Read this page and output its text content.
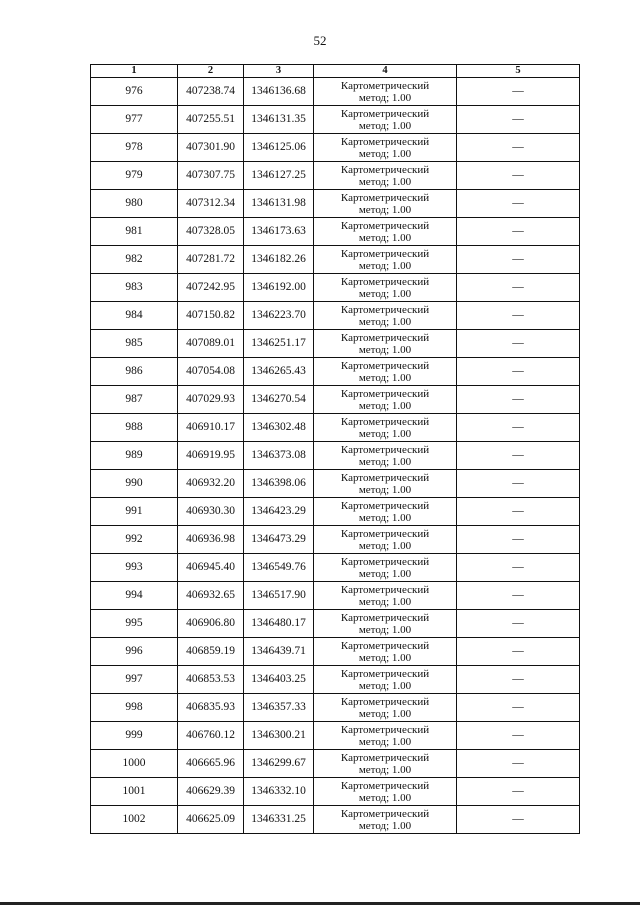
52
1	2	3	4	5
976	407238.74	1346136.68	Картометрический
метод; 1.00	—
977	407255.51	1346131.35	Картометрический
метод; 1.00	—
978	407301.90	1346125.06	Картометрический
метод; 1.00	—
979	407307.75	1346127.25	Картометрический
метод; 1.00	—
980	407312.34	1346131.98	Картометрический
метод; 1.00	—
981	407328.05	1346173.63	Картометрический
метод; 1.00	—
982	407281.72	1346182.26	Картометрический
метод; 1.00	—
983	407242.95	1346192.00	Картометрический
метод; 1.00	—
984	407150.82	1346223.70	Картометрический
метод; 1.00	—
985	407089.01	1346251.17	Картометрический
метод; 1.00	—
986	407054.08	1346265.43	Картометрический
метод; 1.00	—
987	407029.93	1346270.54	Картометрический
метод; 1.00	—
988	406910.17	1346302.48	Картометрический
метод; 1.00	—
989	406919.95	1346373.08	Картометрический
метод; 1.00	—
990	406932.20	1346398.06	Картометрический
метод; 1.00	—
991	406930.30	1346423.29	Картометрический
метод; 1.00	—
992	406936.98	1346473.29	Картометрический
метод; 1.00	—
993	406945.40	1346549.76	Картометрический
метод; 1.00	—
994	406932.65	1346517.90	Картометрический
метод; 1.00	—
995	406906.80	1346480.17	Картометрический
метод; 1.00	—
996	406859.19	1346439.71	Картометрический
метод; 1.00	—
997	406853.53	1346403.25	Картометрический
метод; 1.00	—
998	406835.93	1346357.33	Картометрический
метод; 1.00	—
999	406760.12	1346300.21	Картометрический
метод; 1.00	—
1000	406665.96	1346299.67	Картометрический
метод; 1.00	—
1001	406629.39	1346332.10	Картометрический
метод; 1.00	—
1002	406625.09	1346331.25	Картометрический
метод; 1.00	—
